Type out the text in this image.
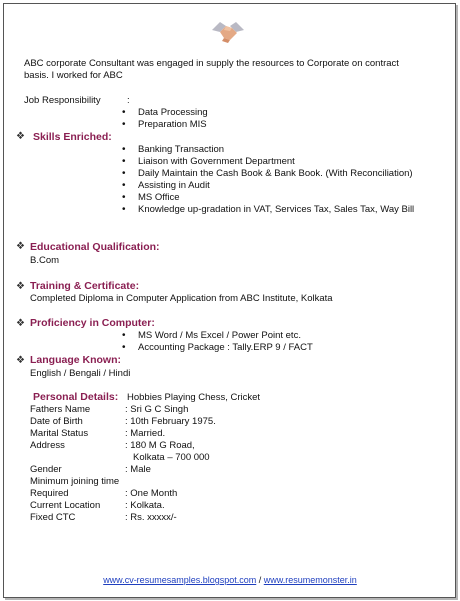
ABC corporate Consultant was engaged in supply the resources to Corporate on contract basis. I worked for ABC
Job Responsibility	:
• Data Processing
• Preparation MIS
❖ Skills Enriched:
• Banking Transaction
• Liaison with Government Department
• Daily Maintain the Cash Book & Bank Book. (With Reconciliation)
• Assisting in Audit
• MS Office
• Knowledge up-gradation in VAT, Services Tax, Sales Tax, Way Bill
❖ Educational Qualification:
B.Com
❖ Training & Certificate:
Completed Diploma in Computer Application from ABC Institute, Kolkata
❖ Proficiency in Computer:
• MS Word / Ms Excel / Power Point etc.
• Accounting Package : Tally.ERP 9 / FACT
❖ Language Known:
English / Bengali / Hindi
Personal Details: Hobbies Playing Chess, Cricket
Fathers Name	: Sri G C Singh
Date of Birth	: 10th February 1975.
Marital Status	: Married.
Address	: 180 M G Road,
Kolkata – 700 000
Gender	: Male
Minimum joining time
Required	: One Month
Current Location	: Kolkata.
Fixed CTC	: Rs. xxxxx/-
www.cv-resumesamples.blogspot.com / www.resumemonster.in
